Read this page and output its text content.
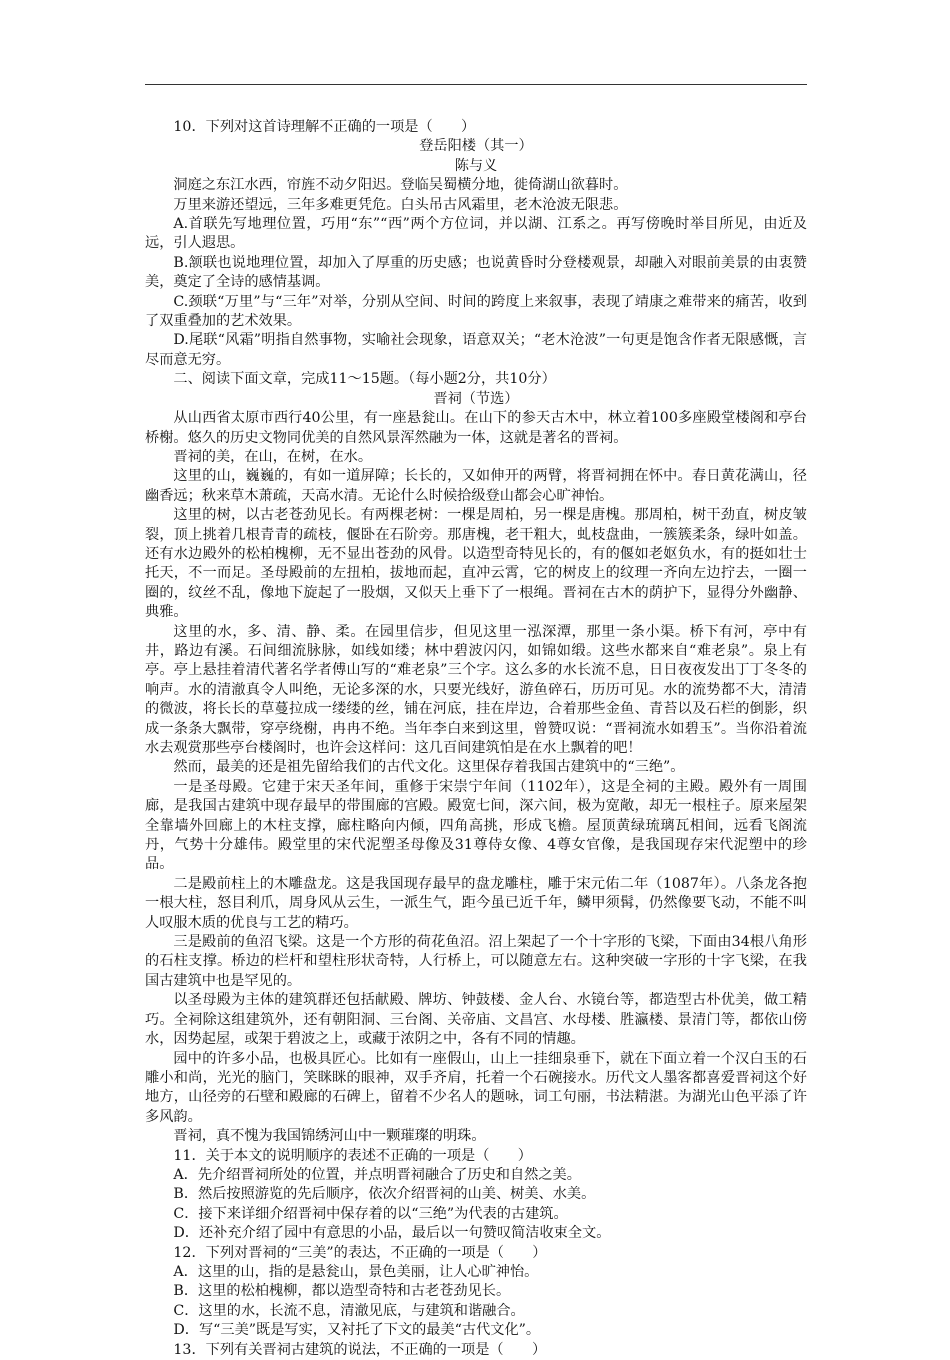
10．下列对这首诗理解不正确的一项是（　　）

登岳阳楼（其一）

陈与义

洞庭之东江水西，帘旌不动夕阳迟。登临吴蜀横分地，徙倚湖山欲暮时。

万里来游还望远，三年多难更凭危。白头吊古风霜里，老木沧波无限悲。

A.首联先写地理位置，巧用“东”“西”两个方位词，并以湖、江系之。再写傍晚时举目所见，由近及远，引人遐思。

B.颔联也说地理位置，却加入了厚重的历史感；也说黄昏时分登楼观景，却融入对眼前美景的由衷赞美，奠定了全诗的感情基调。

C.颈联“万里”与“三年”对举，分别从空间、时间的跨度上来叙事，表现了靖康之难带来的痛苦，收到了双重叠加的艺术效果。

D.尾联“风霜”明指自然事物，实喻社会现象，语意双关；“老木沧波”一句更是饱含作者无限感慨，言尽而意无穷。

二、阅读下面文章，完成11～15题。（每小题2分，共10分）

晋祠（节选）

从山西省太原市西行40公里，有一座悬瓮山。在山下的参天古木中，林立着100多座殿堂楼阁和亭台桥榭。悠久的历史文物同优美的自然风景浑然融为一体，这就是著名的晋祠。

晋祠的美，在山，在树，在水。

这里的山，巍巍的，有如一道屏障；长长的，又如伸开的两臂，将晋祠拥在怀中。春日黄花满山，径幽香远；秋来草木萧疏，天高水清。无论什么时候拾级登山都会心旷神怡。

这里的树，以古老苍劲见长。有两棵老树：一棵是周柏，另一棵是唐槐。那周柏，树干劲直，树皮皱裂，顶上挑着几根青青的疏枝，偃卧在石阶旁。那唐槐，老干粗大，虬枝盘曲，一簇簇柔条，绿叶如盖。还有水边殿外的松柏槐柳，无不显出苍劲的风骨。以造型奇特见长的，有的偃如老妪负水，有的挺如壮士托天，不一而足。圣母殿前的左扭柏，拔地而起，直冲云霄，它的树皮上的纹理一齐向左边拧去，一圈一圈的，纹丝不乱，像地下旋起了一股烟，又似天上垂下了一根绳。晋祠在古木的荫护下，显得分外幽静、典雅。

这里的水，多、清、静、柔。在园里信步，但见这里一泓深潭，那里一条小渠。桥下有河，亭中有井，路边有溪。石间细流脉脉，如线如缕；林中碧波闪闪，如锦如缎。这些水都来自“难老泉”。泉上有亭。亭上悬挂着清代著名学者傅山写的“难老泉”三个字。这么多的水长流不息，日日夜夜发出丁丁冬冬的响声。水的清澈真令人叫绝，无论多深的水，只要光线好，游鱼碎石，历历可见。水的流势都不大，清清的微波，将长长的草蔓拉成一缕缕的丝，铺在河底，挂在岸边，合着那些金鱼、青苔以及石栏的倒影，织成一条条大飘带，穿亭绕榭，冉冉不绝。当年李白来到这里，曾赞叹说：“晋祠流水如碧玉”。当你沿着流水去观赏那些亭台楼阁时，也许会这样问：这几百间建筑怕是在水上飘着的吧！

然而，最美的还是祖先留给我们的古代文化。这里保存着我国古建筑中的“三绝”。

一是圣母殿。它建于宋天圣年间，重修于宋崇宁年间（1102年），这是全祠的主殿。殿外有一周围廊，是我国古建筑中现存最早的带围廊的宫殿。殿宽七间，深六间，极为宽敞，却无一根柱子。原来屋架全靠墙外回廊上的木柱支撑，廊柱略向内倾，四角高挑，形成飞檐。屋顶黄绿琉璃瓦相间，远看飞阁流丹，气势十分雄伟。殿堂里的宋代泥塑圣母像及31尊侍女像、4尊女官像，是我国现存宋代泥塑中的珍品。

二是殿前柱上的木雕盘龙。这是我国现存最早的盘龙雕柱，雕于宋元佑二年（1087年）。八条龙各抱一根大柱，怒目利爪，周身风从云生，一派生气，距今虽已近千年，鳞甲须髯，仍然像要飞动，不能不叫人叹服木质的优良与工艺的精巧。

三是殿前的鱼沼飞梁。这是一个方形的荷花鱼沼。沼上架起了一个十字形的飞梁，下面由34根八角形的石柱支撑。桥边的栏杆和望柱形状奇特，人行桥上，可以随意左右。这种突破一字形的十字飞梁，在我国古建筑中也是罕见的。

以圣母殿为主体的建筑群还包括献殿、牌坊、钟鼓楼、金人台、水镜台等，都造型古朴优美，做工精巧。全祠除这组建筑外，还有朝阳洞、三台阁、关帝庙、文昌宫、水母楼、胜瀛楼、景清门等，都依山傍水，因势起屋，或架于碧波之上，或藏于浓阴之中，各有不同的情趣。

园中的许多小品，也极具匠心。比如有一座假山，山上一挂细泉垂下，就在下面立着一个汉白玉的石雕小和尚，光光的脑门，笑眯眯的眼神，双手齐肩，托着一个石碗接水。历代文人墨客都喜爱晋祠这个好地方，山径旁的石壁和殿廊的石碑上，留着不少名人的题咏，词工句丽，书法精湛。为湖光山色平添了许多风韵。

晋祠，真不愧为我国锦绣河山中一颗璀璨的明珠。

11．关于本文的说明顺序的表述不正确的一项是（　　）

A．先介绍晋祠所处的位置，并点明晋祠融合了历史和自然之美。

B．然后按照游览的先后顺序，依次介绍晋祠的山美、树美、水美。

C．接下来详细介绍晋祠中保存着的以“三绝”为代表的古建筑。

D．还补充介绍了园中有意思的小品，最后以一句赞叹简洁收束全文。

12．下列对晋祠的“三美”的表达，不正确的一项是（　　）

A．这里的山，指的是悬瓮山，景色美丽，让人心旷神怡。

B．这里的松柏槐柳，都以造型奇特和古老苍劲见长。

C．这里的水，长流不息，清澈见底，与建筑和谐融合。

D．写“三美”既是写实，又衬托了下文的最美“古代文化”。

13．下列有关晋祠古建筑的说法，不正确的一项是（　　）
